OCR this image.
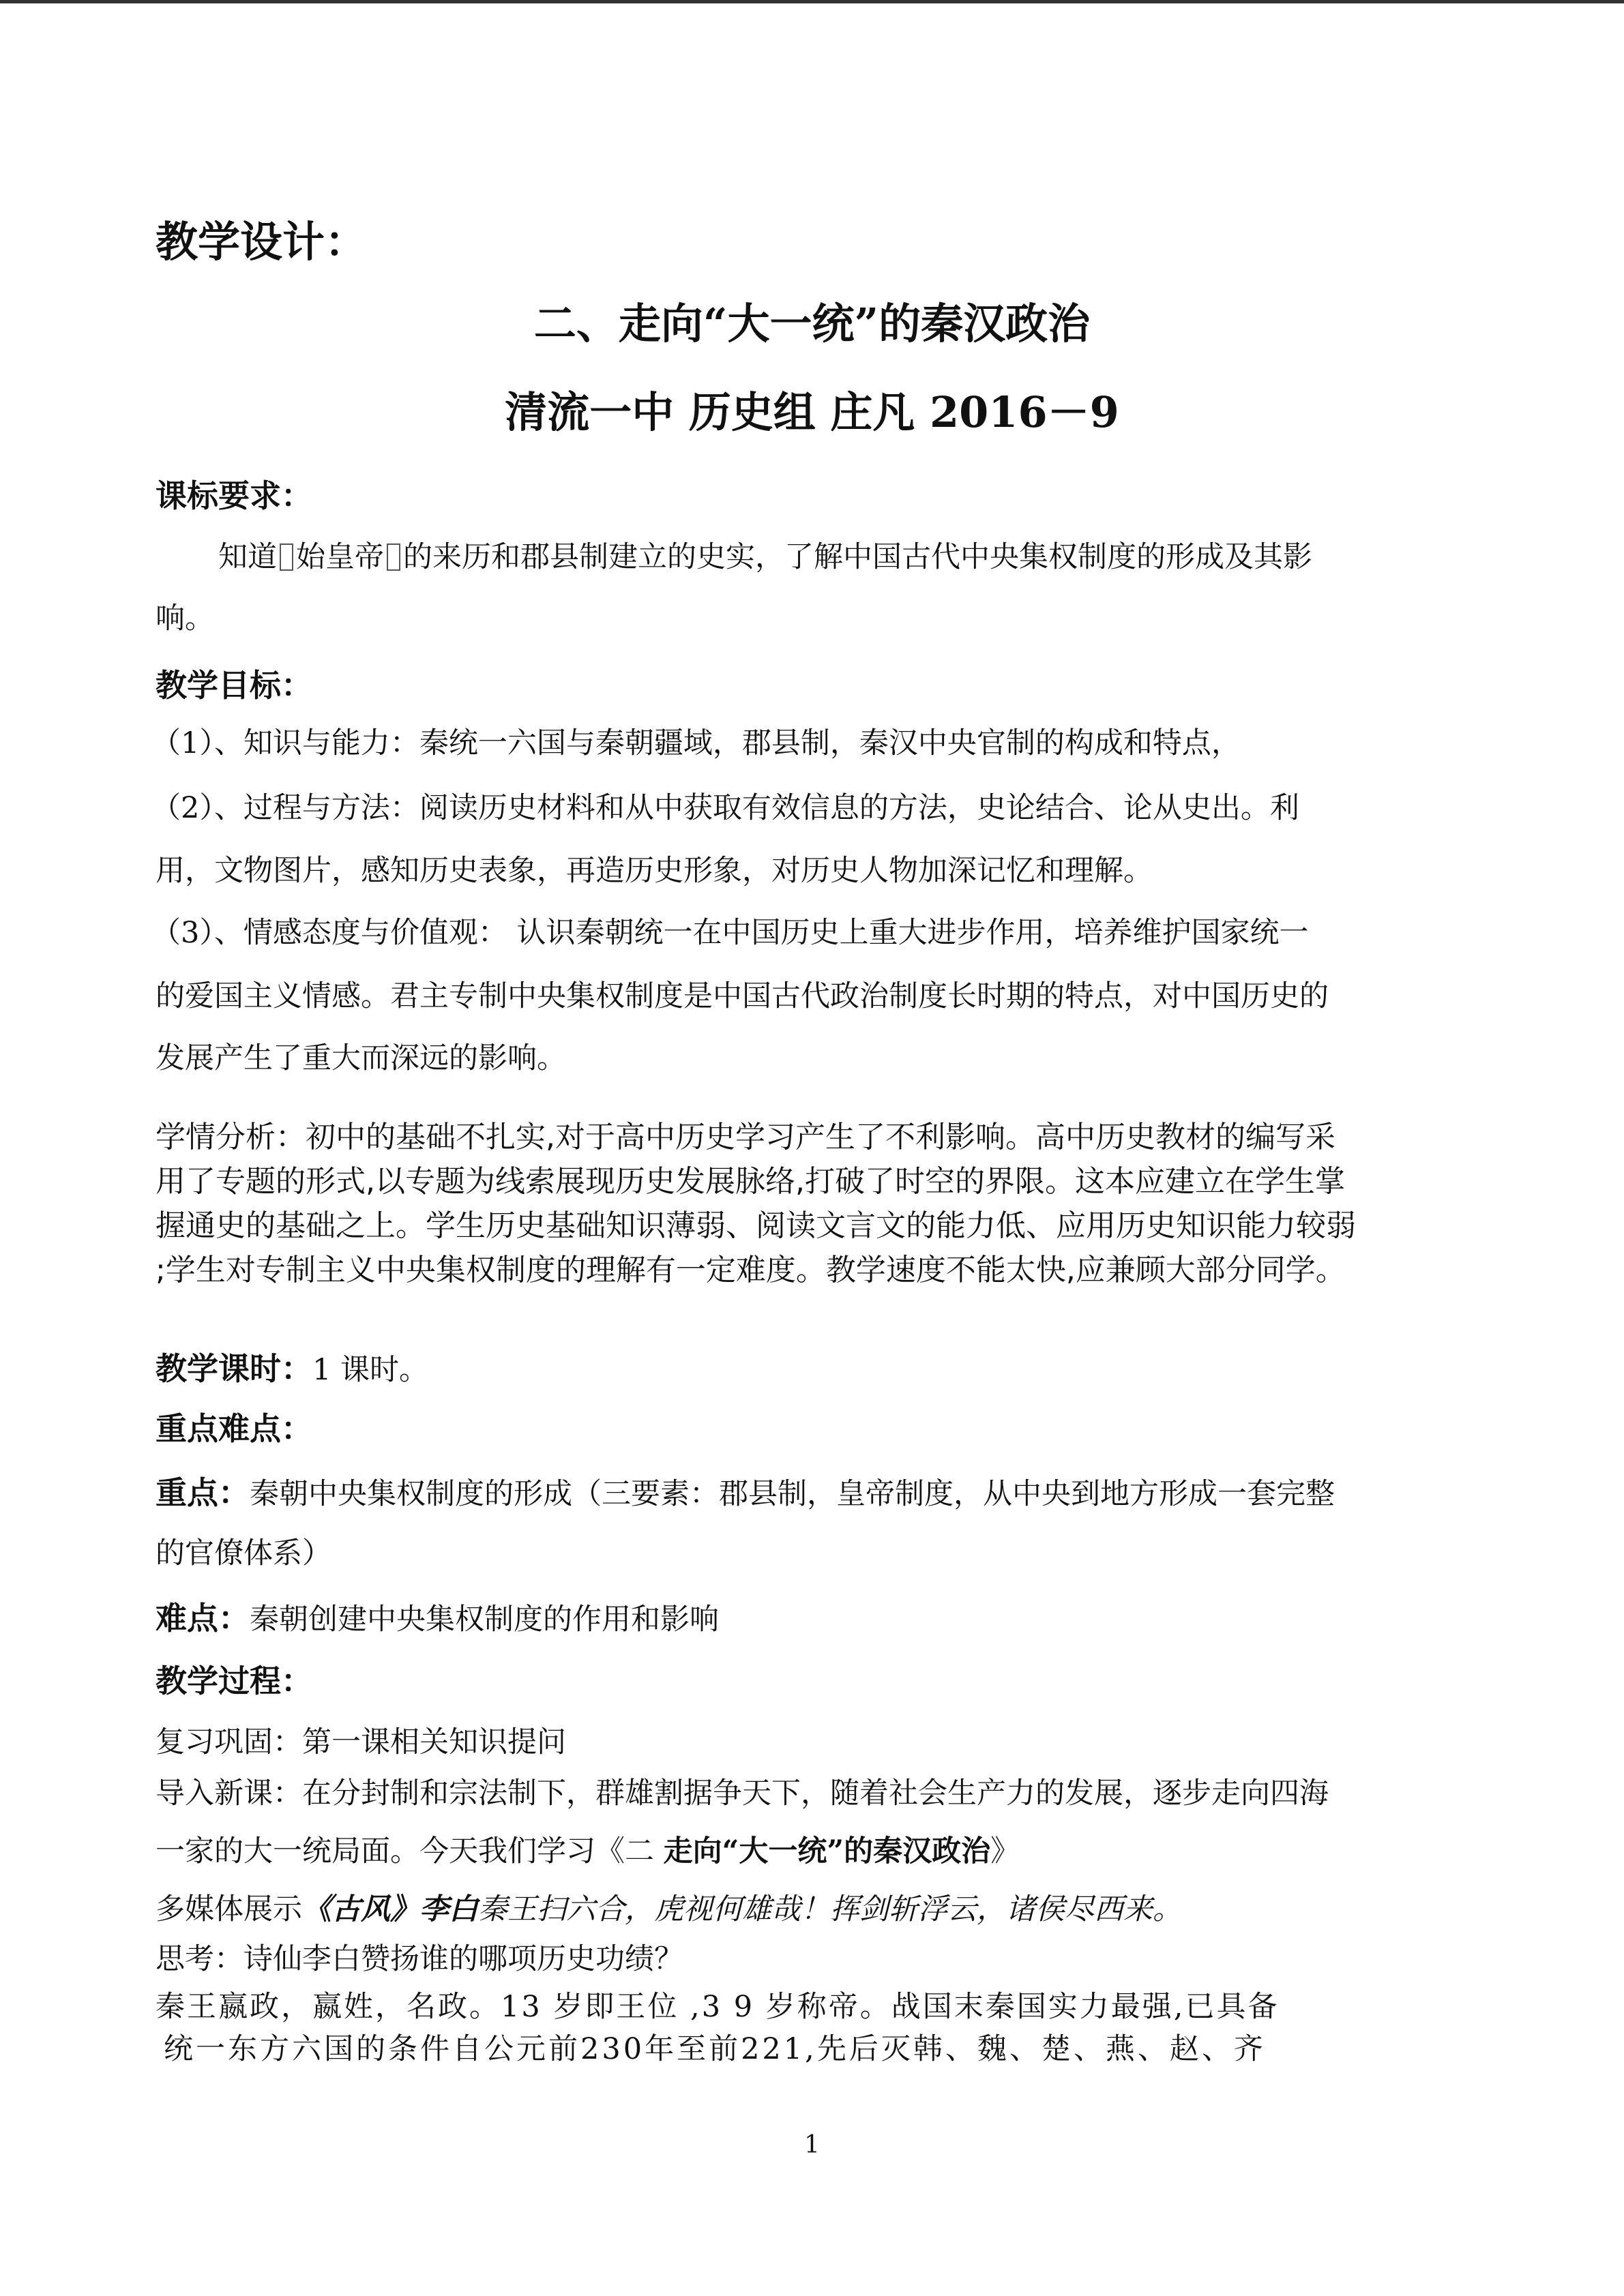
教学设计：
二、走向“大一统”的秦汉政治
清流一中 历史组 庄凡 2016－9
课标要求：
知道 始皇帝 的来历和郡县制建立的史实，了解中国古代中央集权制度的形成及其影
响。
教学目标：
（1）、知识与能力：秦统一六国与秦朝疆域，郡县制，秦汉中央官制的构成和特点，
（2）、过程与方法：阅读历史材料和从中获取有效信息的方法，史论结合、论从史出。利
用，文物图片，感知历史表象，再造历史形象，对历史人物加深记忆和理解。
（3）、情感态度与价值观： 认识秦朝统一在中国历史上重大进步作用，培养维护国家统一
的爱国主义情感。君主专制中央集权制度是中国古代政治制度长时期的特点，对中国历史的
发展产生了重大而深远的影响。
学情分析：初中的基础不扎实,对于高中历史学习产生了不利影响。高中历史教材的编写采
用了专题的形式,以专题为线索展现历史发展脉络,打破了时空的界限。这本应建立在学生掌
握通史的基础之上。学生历史基础知识薄弱、阅读文言文的能力低、应用历史知识能力较弱
;学生对专制主义中央集权制度的理解有一定难度。教学速度不能太快,应兼顾大部分同学。
教学课时：1 课时。
重点难点：
重点：秦朝中央集权制度的形成（三要素：郡县制，皇帝制度，从中央到地方形成一套完整
的官僚体系）
难点：秦朝创建中央集权制度的作用和影响
教学过程：
复习巩固：第一课相关知识提问
导入新课：在分封制和宗法制下，群雄割据争天下，随着社会生产力的发展，逐步走向四海
一家的大一统局面。今天我们学习《二 走向“大一统”的秦汉政治》
多媒体展示《古风》李白秦王扫六合，虎视何雄哉！挥剑斩浮云，诸侯尽西来。
思考：诗仙李白赞扬谁的哪项历史功绩？
秦王嬴政，嬴姓，名政。13 岁即王位 ,3 9 岁称帝。战国末秦国实力最强,已具备
统一东方六国的条件自公元前230年至前221,先后灭韩、魏、楚、燕、赵、齐
1
